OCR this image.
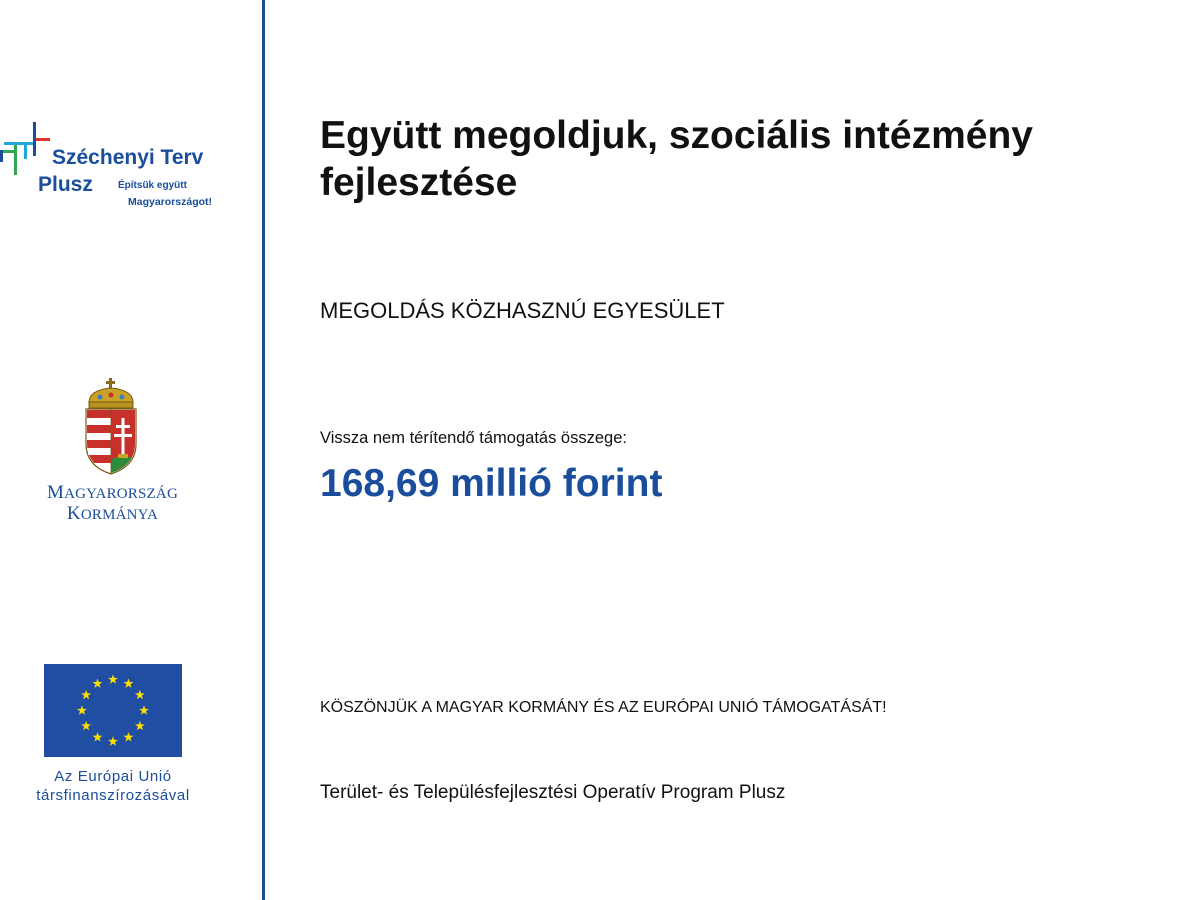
Széchenyi Terv
Plusz	Építsük együtt
Magyarországot!
MAGYARORSZÁG
KORMÁNYA
Az Európai Unió
társfinanszírozásával
Együtt megoldjuk, szociális intézmény fejlesztése
MEGOLDÁS KÖZHASZNÚ EGYESÜLET
Vissza nem térítendő támogatás összege:
168,69 millió forint
KÖSZÖNJÜK A MAGYAR KORMÁNY ÉS AZ EURÓPAI UNIÓ TÁMOGATÁSÁT!
Terület- és Településfejlesztési Operatív Program Plusz
